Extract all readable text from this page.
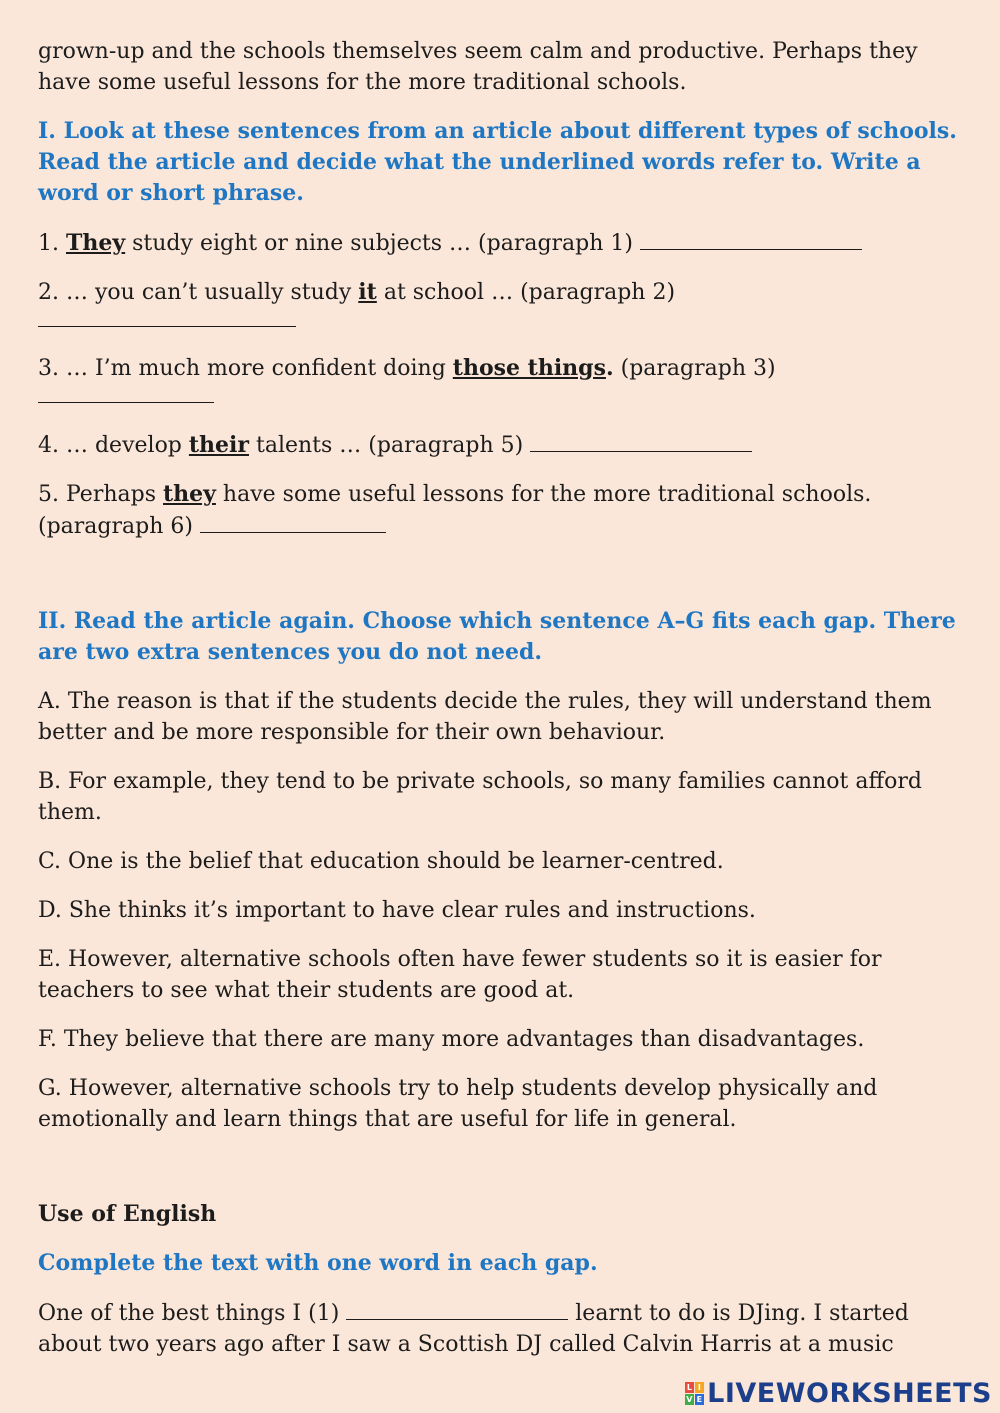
grown-up and the schools themselves seem calm and productive. Perhaps they

have some useful lessons for the more traditional schools.

I. Look at these sentences from an article about different types of schools. Read the article and decide what the underlined words refer to. Write a word or short phrase.

1. They study eight or nine subjects … (paragraph 1)

2. … you can’t usually study it at school … (paragraph 2)

3. … I’m much more confident doing those things. (paragraph 3)

4. … develop their talents … (paragraph 5)

5. Perhaps they have some useful lessons for the more traditional schools.
(paragraph 6)

II. Read the article again. Choose which sentence A–G fits each gap. There are two extra sentences you do not need.

A. The reason is that if the students decide the rules, they will understand them better and be more responsible for their own behaviour.

B. For example, they tend to be private schools, so many families cannot afford them.

C. One is the belief that education should be learner-centred.

D. She thinks it’s important to have clear rules and instructions.

E. However, alternative schools often have fewer students so it is easier for teachers to see what their students are good at.

F. They believe that there are many more advantages than disadvantages.

G. However, alternative schools try to help students develop physically and emotionally and learn things that are useful for life in general.

Use of English

Complete the text with one word in each gap.

One of the best things I (1)	learnt to do is DJing. I started about two years ago after I saw a Scottish DJ called Calvin Harris at a music

L I
V E LIVEWORKSHEETS
